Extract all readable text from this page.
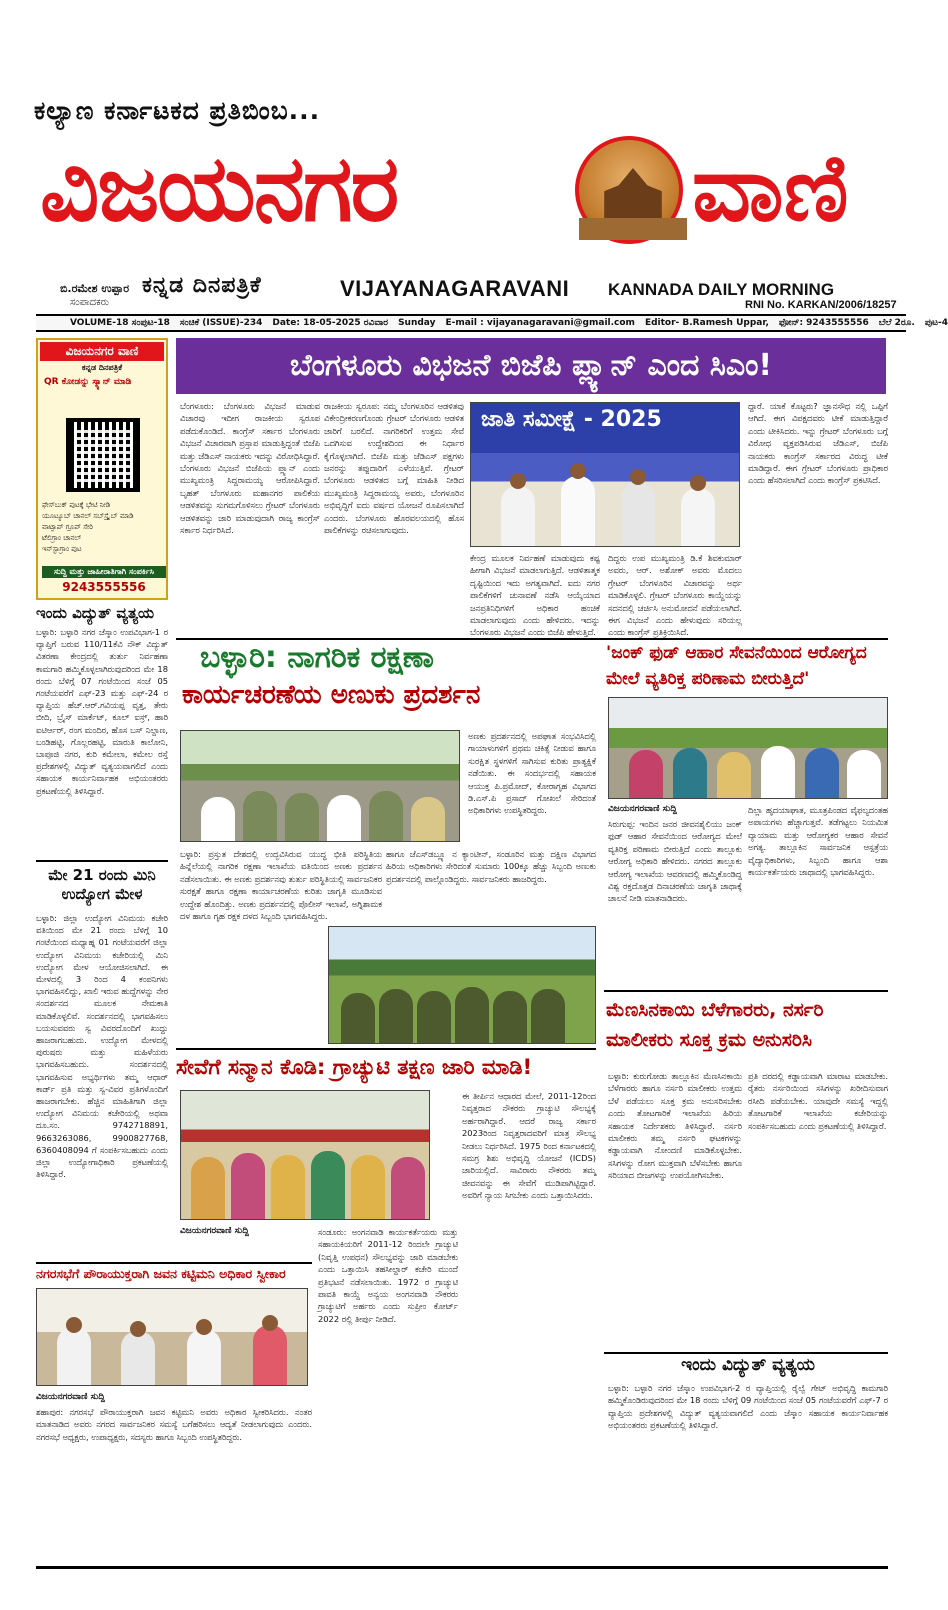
ಕಲ್ಯಾಣ ಕರ್ನಾಟಕದ ಪ್ರತಿಬಿಂಬ...
ವಿಜಯನಗರ	ವಾಣಿ
ಬಿ.ರಮೇಶ ಉಪ್ಪಾರ
ಸಂಪಾದಕರು
ಕನ್ನಡ ದಿನಪತ್ರಿಕೆ	VIJAYANAGARAVANI KANNADA DAILY MORNING
RNI No. KARKAN/2006/18257
VOLUME-18 ಸಂಪುಟ-18 ಸಂಚಿಕೆ (ISSUE)-234 Date: 18-05-2025 ರವಿವಾರ Sunday E-mail : vijayanagaravani@gmail.com Editor- B.Ramesh Uppar, ಫೋನ್: 9243555556 ಬೆಲೆ 2ರೂ. ಪುಟ-4
ವಿಜಯನಗರ ವಾಣಿ
ಕನ್ನಡ ದಿನಪತ್ರಿಕೆ
QR ಕೋಡನ್ನು ಸ್ಕ್ಯಾನ್ ಮಾಡಿ
ಫೇಸ್‌ಬುಕ್ ಪುಟಕ್ಕೆ ಭೇಟಿ ನೀಡಿ
ಯೂಟ್ಯೂಬ್ ಚಾನಲ್ ಸಬ್‌ಸ್ಕ್ರೈಬ್ ಮಾಡಿ
ವಾಟ್ಸಾಪ್ ಗ್ರೂಪ್ ಸೇರಿ
ಟೆಲಿಗ್ರಾಂ ಚಾನಲ್
ಇನ್‌ಸ್ಟಾಗ್ರಾಂ ಪುಟ
ಸುದ್ದಿ ಮತ್ತು ಜಾಹೀರಾತಿಗಾಗಿ ಸಂಪರ್ಕಿಸಿ
9243555556
ಇಂದು ವಿದ್ಯುತ್ ವ್ಯತ್ಯಯ
ಬಳ್ಳಾರಿ: ಬಳ್ಳಾರಿ ನಗರ ಜೆಸ್ಕಾಂ ಉಪವಿಭಾಗ-1 ರ ವ್ಯಾಪ್ತಿಗೆ ಬರುವ 110/11ಕೆವಿ ನೌಕ್ ವಿದ್ಯುತ್ ವಿತರಣಾ ಕೇಂದ್ರದಲ್ಲಿ ತುರ್ತು ನಿರ್ವಹಣಾ ಕಾಮಗಾರಿ ಹಮ್ಮಿಕೊಳ್ಳಲಾಗಿರುವುದರಿಂದ ಮೇ 18 ರಂದು ಬೆಳಿಗ್ಗೆ 07 ಗಂಟೆಯಿಂದ ಸಂಜೆ 05 ಗಂಟೆಯವರೆಗೆ ಎಫ್-23 ಮತ್ತು ಎಫ್-24 ರ ವ್ಯಾಪ್ತಿಯ ಹೆಚ್.ಆರ್.ಗವಿಯಪ್ಪ ವೃತ್ತ, ತೇರು ಬೀದಿ, ಬ್ರೈಸ್ ಮಾರ್ಕೆಟ್, ಕೂಲ್ ಐಸ್ರ್, ಹಾರಿ ಐಟಿರ್ಆರ್, ರಂಗ ಮಂದಿರ, ಹೊಸ ಬಸ್ ನಿಲ್ದಾಣ, ಬಂಡಿಹಟ್ಟಿ, ಗೊಲ್ಲರಹಟ್ಟಿ, ಮಾರುತಿ ಕಾಲೋನಿ, ಬಾಪೂಜಿ ನಗರ, ಕುರಿ ಕಮೇಲಾ, ಕಮೇಲ ರಸ್ತೆ ಪ್ರದೇಶಗಳಲ್ಲಿ ವಿದ್ಯುತ್ ವ್ಯತ್ಯಯವಾಗಲಿದೆ ಎಂದು ಸಹಾಯಕ ಕಾರ್ಯನಿರ್ವಾಹಕ ಅಭಿಯಂತರರು ಪ್ರಕಟಣೆಯಲ್ಲಿ ತಿಳಿಸಿದ್ದಾರೆ.
ಮೇ 21 ರಂದು ಮಿನಿ ಉದ್ಯೋಗ ಮೇಳ
ಬಳ್ಳಾರಿ: ಜಿಲ್ಲಾ ಉದ್ಯೋಗ ವಿನಿಮಯ ಕಚೇರಿ ವತಿಯಿಂದ ಮೇ 21 ರಂದು ಬೆಳಿಗ್ಗೆ 10 ಗಂಟೆಯಿಂದ ಮಧ್ಯಾಹ್ನ 01 ಗಂಟೆಯವರೆಗೆ ಜಿಲ್ಲಾ ಉದ್ಯೋಗ ವಿನಿಮಯ ಕಚೇರಿಯಲ್ಲಿ ಮಿನಿ ಉದ್ಯೋಗ ಮೇಳ ಆಯೋಜಿಸಲಾಗಿದೆ. ಈ ಮೇಳದಲ್ಲಿ 3 ರಿಂದ 4 ಕಂಪನಿಗಳು ಭಾಗವಹಿಸಲಿದ್ದು, ಖಾಲಿ ಇರುವ ಹುದ್ದೆಗಳನ್ನು ನೇರ ಸಂದರ್ಶನದ ಮೂಲಕ ನೇಮಕಾತಿ ಮಾಡಿಕೊಳ್ಳಲಿವೆ. ಸಂದರ್ಶನದಲ್ಲಿ ಭಾಗವಹಿಸಲು ಬಯಸುವವರು ಸ್ವ ವಿವರದೊಂದಿಗೆ ಖುದ್ದು ಹಾಜರಾಗಬಹುದು. ಉದ್ಯೋಗ ಮೇಳದಲ್ಲಿ ಪುರುಷರು ಮತ್ತು ಮಹಿಳೆಯರು ಭಾಗವಹಿಸಬಹುದು. ಸಂದರ್ಶನದಲ್ಲಿ ಭಾಗವಹಿಸುವ ಅಭ್ಯರ್ಥಿಗಳು ತಮ್ಮ ಆಧಾರ್ ಕಾರ್ಡ್ ಪ್ರತಿ ಮತ್ತು ಸ್ವ-ವಿವರ ಪ್ರತಿಗಳೊಂದಿಗೆ ಹಾಜರಾಗಬೇಕು. ಹೆಚ್ಚಿನ ಮಾಹಿತಿಗಾಗಿ ಜಿಲ್ಲಾ ಉದ್ಯೋಗ ವಿನಿಮಯ ಕಚೇರಿಯಲ್ಲಿ ಅಥವಾ ದೂ.ಸಂ. 9742718891, 9663263086, 9900827768, 6360408094 ಗೆ ಸಂಪರ್ಕಿಸಬಹುದು ಎಂದು ಜಿಲ್ಲಾ ಉದ್ಯೋಗಾಧಿಕಾರಿ ಪ್ರಕಟಣೆಯಲ್ಲಿ ತಿಳಿಸಿದ್ದಾರೆ.
ಬೆಂಗಳೂರು ವಿಭಜನೆ ಬಿಜೆಪಿ ಪ್ಲ್ಯಾನ್ ಎಂದ ಸಿಎಂ!
ಬೆಂಗಳೂರು: ಬೆಂಗಳೂರು ವಿಭಜನೆ ಮಾಡುವ ವಿಚಾರವು ಇದೀಗ ರಾಜಕೀಯ ಸ್ವರೂಪ ಪಡೆದುಕೊಂಡಿದೆ. ಕಾಂಗ್ರೆಸ್ ಸರ್ಕಾರ ಬೆಂಗಳೂರು ವಿಭಜನೆ ವಿಚಾರವಾಗಿ ಪ್ರಸ್ತಾಪ ಮಾಡುತ್ತಿದ್ದಂತೆ ಬಿಜೆಪಿ ಮತ್ತು ಜೆಡಿಎಸ್ ನಾಯಕರು ಇದನ್ನು ವಿರೋಧಿಸಿದ್ದಾರೆ. ಬೆಂಗಳೂರು ವಿಭಜನೆ ಬಿಜೆಪಿಯ ಪ್ಲ್ಯಾನ್ ಎಂದು ಮುಖ್ಯಮಂತ್ರಿ ಸಿದ್ದರಾಮಯ್ಯ ಆರೋಪಿಸಿದ್ದಾರೆ. ಬೃಹತ್ ಬೆಂಗಳೂರು ಮಹಾನಗರ ಪಾಲಿಕೆಯ ಆಡಳಿತವನ್ನು ಸುಗಮಗೊಳಿಸಲು ಗ್ರೇಟರ್ ಬೆಂಗಳೂರು ಆಡಳಿತವನ್ನು ಜಾರಿ ಮಾಡುವುದಾಗಿ ರಾಜ್ಯ ಕಾಂಗ್ರೆಸ್ ಸರ್ಕಾರ ನಿರ್ಧರಿಸಿದೆ.
ರಾಜಕೀಯ ಸ್ವರೂಪ: ನಮ್ಮ ಬೆಂಗಳೂರಿನ ಆಡಳಿತವು ವಿಕೇಂದ್ರೀಕರಣಗೊಂಡು ಗ್ರೇಟರ್ ಬೆಂಗಳೂರು ಆಡಳಿತ ಜಾರಿಗೆ ಬರಲಿದೆ. ನಾಗರಿಕರಿಗೆ ಉತ್ತಮ ಸೇವೆ ಒದಗಿಸುವ ಉದ್ದೇಶದಿಂದ ಈ ನಿರ್ಧಾರ ಕೈಗೊಳ್ಳಲಾಗಿದೆ. ಬಿಜೆಪಿ ಮತ್ತು ಜೆಡಿಎಸ್ ಪಕ್ಷಗಳು ಜನರನ್ನು ತಪ್ಪುದಾರಿಗೆ ಎಳೆಯುತ್ತಿವೆ. ಗ್ರೇಟರ್ ಬೆಂಗಳೂರು ಆಡಳಿತದ ಬಗ್ಗೆ ಮಾಹಿತಿ ನೀಡಿದ ಮುಖ್ಯಮಂತ್ರಿ ಸಿದ್ದರಾಮಯ್ಯ ಅವರು, ಬೆಂಗಳೂರಿನ ಅಭಿವೃದ್ಧಿಗೆ ಐದು ವರ್ಷದ ಯೋಜನೆ ರೂಪಿಸಲಾಗಿದೆ ಎಂದರು. ಬೆಂಗಳೂರು ಹೊರವಲಯದಲ್ಲಿ ಹೊಸ ಪಾಲಿಕೆಗಳನ್ನು ರಚಿಸಲಾಗುವುದು.
ಜಾತಿ ಸಮೀಕ್ಷೆ - 2025
ಕೇಂದ್ರ ಮೂಲಕ ನಿರ್ವಹಣೆ ಮಾಡುವುದು ಕಷ್ಟ ಹೀಗಾಗಿ ವಿಭಜನೆ ಮಾಡಲಾಗುತ್ತಿದೆ. ಆಡಳಿತಾತ್ಮಕ ದೃಷ್ಟಿಯಿಂದ ಇದು ಅಗತ್ಯವಾಗಿದೆ. ಐದು ನಗರ ಪಾಲಿಕೆಗಳಿಗೆ ಚುನಾವಣೆ ನಡೆಸಿ ಆಯ್ಕೆಯಾದ ಜನಪ್ರತಿನಿಧಿಗಳಿಗೆ ಅಧಿಕಾರ ಹಂಚಿಕೆ ಮಾಡಲಾಗುವುದು ಎಂದು ಹೇಳಿದರು. ಇದನ್ನು ಬೆಂಗಳೂರು ವಿಭಜನೆ ಎಂದು ಬಿಜೆಪಿ ಹೇಳುತ್ತಿದೆ.
ದಿದ್ದರು ಉಪ ಮುಖ್ಯಮಂತ್ರಿ ಡಿ.ಕೆ ಶಿವಕುಮಾರ್ ಅವರು, ಆರ್. ಅಶೋಕ್ ಅವರು ಮೊದಲು ಗ್ರೇಟರ್ ಬೆಂಗಳೂರಿನ ವಿಚಾರವನ್ನು ಅರ್ಥ ಮಾಡಿಕೊಳ್ಳಲಿ. ಗ್ರೇಟರ್ ಬೆಂಗಳೂರು ಕಾಯ್ದೆಯನ್ನು ಸದನದಲ್ಲಿ ಚರ್ಚಿಸಿ ಅನುಮೋದನೆ ಪಡೆಯಲಾಗಿದೆ. ಈಗ ವಿಭಜನೆ ಎಂದು ಹೇಳುವುದು ಸರಿಯಲ್ಲ ಎಂದು ಕಾಂಗ್ರೆಸ್ ಪ್ರತಿಕ್ರಿಯಿಸಿದೆ.
ದ್ದಾರೆ. ಯಾಕೆ ಕೊಟ್ಟರು? ಜ್ಞಾನಸೌಧ ನಲ್ಲಿ ಒಪ್ಪಿಗೆ ಆಗಿದೆ. ಈಗ ವಿಪಕ್ಷದವರು ಟೀಕೆ ಮಾಡುತ್ತಿದ್ದಾರೆ ಎಂದು ಟೀಕಿಸಿದರು. ಇನ್ನು ಗ್ರೇಟರ್ ಬೆಂಗಳೂರು ಬಗ್ಗೆ ವಿರೋಧ ವ್ಯಕ್ತಪಡಿಸಿರುವ ಜೆಡಿಎಸ್, ಬಿಜೆಪಿ ನಾಯಕರು ಕಾಂಗ್ರೆಸ್ ಸರ್ಕಾರದ ವಿರುದ್ಧ ಟೀಕೆ ಮಾಡಿದ್ದಾರೆ. ಈಗ ಗ್ರೇಟರ್ ಬೆಂಗಳೂರು ಪ್ರಾಧಿಕಾರ ಎಂದು ಹೆಸರಿಸಲಾಗಿದೆ ಎಂದು ಕಾಂಗ್ರೆಸ್ ಪ್ರಕಟಿಸಿದೆ.
ಬಳ್ಳಾರಿ: ನಾಗರಿಕ ರಕ್ಷಣಾ
ಕಾರ್ಯಚರಣೆಯ ಅಣುಕು ಪ್ರದರ್ಶನ
ಅಣಕು ಪ್ರದರ್ಶನದಲ್ಲಿ ಅಪಘಾತ ಸಂಭವಿಸಿದಲ್ಲಿ ಗಾಯಾಳುಗಳಿಗೆ ಪ್ರಥಮ ಚಿಕಿತ್ಸೆ ನೀಡುವ ಹಾಗೂ ಸುರಕ್ಷಿತ ಸ್ಥಳಗಳಿಗೆ ಸಾಗಿಸುವ ಕುರಿತು ಪ್ರಾತ್ಯಕ್ಷಿಕೆ ನಡೆಯಿತು. ಈ ಸಂದರ್ಭದಲ್ಲಿ ಸಹಾಯಕ ಆಯುಕ್ತ ಪಿ.ಪ್ರಮೋದ್, ಕೋರಾಗೃಹ ವಿಭಾಗದ ಡಿ.ಎಸ್.ಪಿ ಪ್ರಸಾದ್ ಗೋಖಲೆ ಸೇರಿದಂತೆ ಅಧಿಕಾರಿಗಳು ಉಪಸ್ಥಿತರಿದ್ದರು.
ಬಳ್ಳಾರಿ: ಪ್ರಸ್ತುತ ದೇಶದಲ್ಲಿ ಉದ್ಭವಿಸಿರುವ ಯುದ್ಧ ಭೀತಿ ಪರಿಸ್ಥಿತಿಯ ಹಿನ್ನೆಲೆಯಲ್ಲಿ ನಾಗರಿಕ ರಕ್ಷಣಾ ಇಲಾಖೆಯ ವತಿಯಿಂದ ಅಣಕು ಪ್ರದರ್ಶನ ನಡೆಸಲಾಯಿತು. ಈ ಅಣಕು ಪ್ರದರ್ಶನವು ತುರ್ತು ಪರಿಸ್ಥಿತಿಯಲ್ಲಿ ಸಾರ್ವಜನಿಕರ ಸುರಕ್ಷತೆ ಹಾಗೂ ರಕ್ಷಣಾ ಕಾರ್ಯಾಚರಣೆಯ ಕುರಿತು ಜಾಗೃತಿ ಮೂಡಿಸುವ ಉದ್ದೇಶ ಹೊಂದಿತ್ತು. ಅಣಕು ಪ್ರದರ್ಶನದಲ್ಲಿ ಪೊಲೀಸ್ ಇಲಾಖೆ, ಅಗ್ನಿಶಾಮಕ ದಳ ಹಾಗೂ ಗೃಹ ರಕ್ಷಕ ದಳದ ಸಿಬ್ಬಂದಿ ಭಾಗವಹಿಸಿದ್ದರು.
ಹಾಗೂ ಜೆಎಸ್‌ಡಬ್ಲ್ಯೂ ನ ಕ್ಯಾಂಟೀನ್, ಸಂಡೂರಿನ ಮತ್ತು ದಕ್ಷಿಣ ವಿಭಾಗದ ಹಿರಿಯ ಅಧಿಕಾರಿಗಳು ಸೇರಿದಂತೆ ಸುಮಾರು 100ಕ್ಕೂ ಹೆಚ್ಚು ಸಿಬ್ಬಂದಿ ಅಣುಕು ಪ್ರದರ್ಶನದಲ್ಲಿ ಪಾಲ್ಗೊಂಡಿದ್ದರು. ಸಾರ್ವಜನಿಕರು ಹಾಜರಿದ್ದರು.
'ಜಂಕ್ ಫುಡ್ ಆಹಾರ ಸೇವನೆಯಿಂದ ಆರೋಗ್ಯದ ಮೇಲೆ ವ್ಯತಿರಿಕ್ತ ಪರಿಣಾಮ ಬೀರುತ್ತಿದೆ'
ವಿಜಯನಗರವಾಣಿ ಸುದ್ದಿ
ಸಿರುಗುಪ್ಪ: ಇಂದಿನ ಜನರ ಜೀವನಶೈಲಿಯು ಜಂಕ್ ಫುಡ್ ಆಹಾರ ಸೇವನೆಯಿಂದ ಆರೋಗ್ಯದ ಮೇಲೆ ವ್ಯತಿರಿಕ್ತ ಪರಿಣಾಮ ಬೀರುತ್ತಿದೆ ಎಂದು ತಾಲ್ಲೂಕು ಆರೋಗ್ಯ ಅಧಿಕಾರಿ ಹೇಳಿದರು. ನಗರದ ತಾಲ್ಲೂಕು ಆರೋಗ್ಯ ಇಲಾಖೆಯ ಆವರಣದಲ್ಲಿ ಹಮ್ಮಿಕೊಂಡಿದ್ದ ವಿಶ್ವ ರಕ್ತದೊತ್ತಡ ದಿನಾಚರಣೆಯ ಜಾಗೃತಿ ಜಾಥಾಕ್ಕೆ ಚಾಲನೆ ನೀಡಿ ಮಾತನಾಡಿದರು.
ದಿಲ್ಲಾ ಹೃದಯಾಘಾತ, ಮೂತ್ರಪಿಂಡದ ವೈಫಲ್ಯದಂತಹ ಅಪಾಯಗಳು ಹೆಚ್ಚಾಗುತ್ತವೆ. ತಡೆಗಟ್ಟಲು ನಿಯಮಿತ ವ್ಯಾಯಾಮ ಮತ್ತು ಆರೋಗ್ಯಕರ ಆಹಾರ ಸೇವನೆ ಅಗತ್ಯ. ತಾಲ್ಲೂಕಿನ ಸಾರ್ವಜನಿಕ ಆಸ್ಪತ್ರೆಯ ವೈದ್ಯಾಧಿಕಾರಿಗಳು, ಸಿಬ್ಬಂದಿ ಹಾಗೂ ಆಶಾ ಕಾರ್ಯಕರ್ತೆಯರು ಜಾಥಾದಲ್ಲಿ ಭಾಗವಹಿಸಿದ್ದರು.
ಸೇವೆಗೆ ಸನ್ಮಾನ ಕೊಡಿ: ಗ್ರಾಚ್ಯುಟಿ ತಕ್ಷಣ ಜಾರಿ ಮಾಡಿ!
ವಿಜಯನಗರವಾಣಿ ಸುದ್ದಿ	ಸಂಡೂರು: ಅಂಗನವಾಡಿ ಕಾರ್ಯಕರ್ತೆಯರು ಮತ್ತು ಸಹಾಯಕಿಯರಿಗೆ 2011-12 ರಿಂದಲೇ ಗ್ರಾಚ್ಯುಟಿ (ನಿವೃತ್ತಿ ಉಪಧನ) ಸೌಲಭ್ಯವನ್ನು ಜಾರಿ ಮಾಡಬೇಕು ಎಂದು ಒತ್ತಾಯಿಸಿ ತಹಸೀಲ್ದಾರ್ ಕಚೇರಿ ಮುಂದೆ ಪ್ರತಿಭಟನೆ ನಡೆಸಲಾಯಿತು. 1972 ರ ಗ್ರಾಚ್ಯುಟಿ ಪಾವತಿ ಕಾಯ್ದೆ ಅನ್ವಯ ಅಂಗನವಾಡಿ ನೌಕರರು ಗ್ರಾಚ್ಯುಟಿಗೆ ಅರ್ಹರು ಎಂದು ಸುಪ್ರೀಂ ಕೋರ್ಟ್ 2022 ರಲ್ಲಿ ತೀರ್ಪು ನೀಡಿದೆ.
ಈ ತೀರ್ಪಿನ ಆಧಾರದ ಮೇಲೆ, 2011-12ರಿಂದ ನಿವೃತ್ತರಾದ ನೌಕರರು ಗ್ರಾಚ್ಯುಟಿ ಸೌಲಭ್ಯಕ್ಕೆ ಅರ್ಹರಾಗಿದ್ದಾರೆ. ಆದರೆ ರಾಜ್ಯ ಸರ್ಕಾರ 2023ರಿಂದ ನಿವೃತ್ತರಾದವರಿಗೆ ಮಾತ್ರ ಸೌಲಭ್ಯ ನೀಡಲು ನಿರ್ಧರಿಸಿದೆ. 1975 ರಿಂದ ಕರ್ನಾಟಕದಲ್ಲಿ ಸಮಗ್ರ ಶಿಶು ಅಭಿವೃದ್ಧಿ ಯೋಜನೆ (ICDS) ಜಾರಿಯಲ್ಲಿದೆ. ಸಾವಿರಾರು ನೌಕರರು ತಮ್ಮ ಜೀವನವನ್ನು ಈ ಸೇವೆಗೆ ಮುಡಿಪಾಗಿಟ್ಟಿದ್ದಾರೆ. ಅವರಿಗೆ ನ್ಯಾಯ ಸಿಗಬೇಕು ಎಂದು ಒತ್ತಾಯಿಸಿದರು.
ಮೆಣಸಿನಕಾಯಿ ಬೆಳೆಗಾರರು, ನರ್ಸರಿ ಮಾಲೀಕರು ಸೂಕ್ತ ಕ್ರಮ ಅನುಸರಿಸಿ
ಬಳ್ಳಾರಿ: ಕುರುಗೋಡು ತಾಲ್ಲೂಕಿನ ಮೆಣಸಿನಕಾಯಿ ಬೆಳೆಗಾರರು ಹಾಗೂ ನರ್ಸರಿ ಮಾಲೀಕರು ಉತ್ತಮ ಬೆಳೆ ಪಡೆಯಲು ಸೂಕ್ತ ಕ್ರಮ ಅನುಸರಿಸಬೇಕು ಎಂದು ತೋಟಗಾರಿಕೆ ಇಲಾಖೆಯ ಹಿರಿಯ ಸಹಾಯಕ ನಿರ್ದೇಶಕರು ತಿಳಿಸಿದ್ದಾರೆ. ನರ್ಸರಿ ಮಾಲೀಕರು ತಮ್ಮ ನರ್ಸರಿ ಘಟಕಗಳನ್ನು ಕಡ್ಡಾಯವಾಗಿ ನೋಂದಣಿ ಮಾಡಿಕೊಳ್ಳಬೇಕು. ಸಸಿಗಳನ್ನು ರೋಗ ಮುಕ್ತವಾಗಿ ಬೆಳೆಸಬೇಕು ಹಾಗೂ ಸರಿಯಾದ ಬೀಜಗಳನ್ನು ಉಪಯೋಗಿಸಬೇಕು.
ಪ್ರತಿ ದರದಲ್ಲಿ ಕಡ್ಡಾಯವಾಗಿ ಮಾರಾಟ ಮಾಡಬೇಕು. ರೈತರು ನರ್ಸರಿಯಿಂದ ಸಸಿಗಳನ್ನು ಖರೀದಿಸುವಾಗ ರಸೀದಿ ಪಡೆಯಬೇಕು. ಯಾವುದೇ ಸಮಸ್ಯೆ ಇದ್ದಲ್ಲಿ ತೋಟಗಾರಿಕೆ ಇಲಾಖೆಯ ಕಚೇರಿಯನ್ನು ಸಂಪರ್ಕಿಸಬಹುದು ಎಂದು ಪ್ರಕಟಣೆಯಲ್ಲಿ ತಿಳಿಸಿದ್ದಾರೆ.
ನಗರಸಭೆಗೆ ಪೌರಾಯುಕ್ತರಾಗಿ ಜವನ ಕಟ್ಟಿಮನಿ ಅಧಿಕಾರ ಸ್ವೀಕಾರ
ವಿಜಯನಗರವಾಣಿ ಸುದ್ದಿ
ಶಹಾಪುರ: ನಗರಸಭೆ ಪೌರಾಯುಕ್ತರಾಗಿ ಜವನ ಕಟ್ಟಿಮನಿ ಅವರು ಅಧಿಕಾರ ಸ್ವೀಕರಿಸಿದರು. ನಂತರ ಮಾತನಾಡಿದ ಅವರು ನಗರದ ಸಾರ್ವಜನಿಕರ ಸಮಸ್ಯೆ ಬಗೆಹರಿಸಲು ಆದ್ಯತೆ ನೀಡಲಾಗುವುದು ಎಂದರು. ನಗರಸಭೆ ಅಧ್ಯಕ್ಷರು, ಉಪಾಧ್ಯಕ್ಷರು, ಸದಸ್ಯರು ಹಾಗೂ ಸಿಬ್ಬಂದಿ ಉಪಸ್ಥಿತರಿದ್ದರು.
ಇಂದು ವಿದ್ಯುತ್ ವ್ಯತ್ಯಯ
ಬಳ್ಳಾರಿ: ಬಳ್ಳಾರಿ ನಗರ ಜೆಸ್ಕಾಂ ಉಪವಿಭಾಗ-2 ರ ವ್ಯಾಪ್ತಿಯಲ್ಲಿ ರೈಲ್ವೆ ಗೇಟ್ ಅಭಿವೃದ್ಧಿ ಕಾಮಗಾರಿ ಹಮ್ಮಿಕೊಂಡಿರುವುದರಿಂದ ಮೇ 18 ರಂದು ಬೆಳಿಗ್ಗೆ 09 ಗಂಟೆಯಿಂದ ಸಂಜೆ 05 ಗಂಟೆಯವರೆಗೆ ಎಫ್-7 ರ ವ್ಯಾಪ್ತಿಯ ಪ್ರದೇಶಗಳಲ್ಲಿ ವಿದ್ಯುತ್ ವ್ಯತ್ಯಯವಾಗಲಿದೆ ಎಂದು ಜೆಸ್ಕಾಂ ಸಹಾಯಕ ಕಾರ್ಯನಿರ್ವಾಹಕ ಅಭಿಯಂತರರು ಪ್ರಕಟಣೆಯಲ್ಲಿ ತಿಳಿಸಿದ್ದಾರೆ.
